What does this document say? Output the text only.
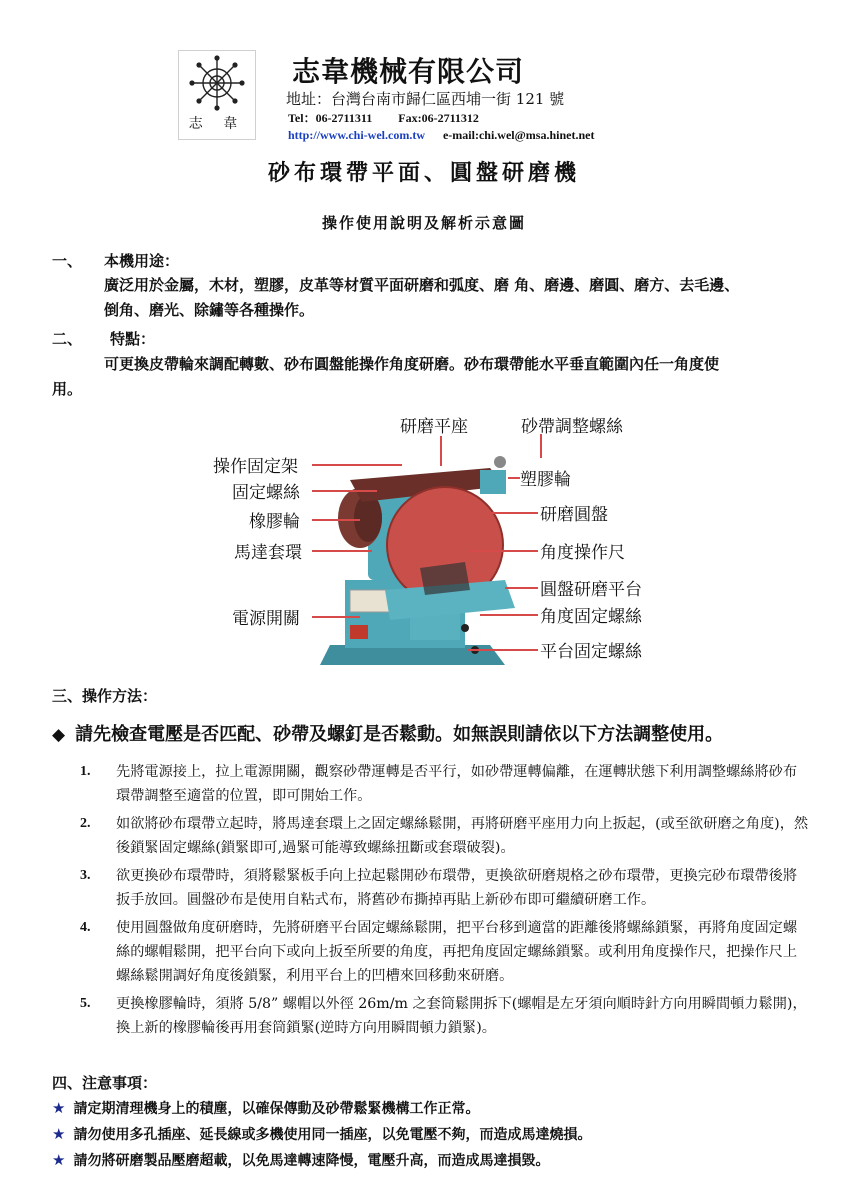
志 韋
志韋機械有限公司
地址：台灣台南市歸仁區西埔一街 121 號
Tel：06-2711311 Fax:06-2711312
http://www.chi-wel.com.tw e-mail:chi.wel@msa.hinet.net
砂布環帶平面、圓盤研磨機
操作使用說明及解析示意圖
一、 本機用途：
廣泛用於金屬，木材，塑膠，皮革等材質平面研磨和弧度、磨 角、磨邊、磨圓、磨方、去毛邊、
倒角、磨光、除鏽等各種操作。
二、 特點：
可更換皮帶輪來調配轉數、砂布圓盤能操作角度研磨。砂布環帶能水平垂直範圍內任一角度使
用。
研磨平座	砂帶調整螺絲
操作固定架
塑膠輪
固定螺絲
研磨圓盤
橡膠輪
馬達套環	角度操作尺
圓盤研磨平台
角度固定螺絲
電源開關
平台固定螺絲
三、操作方法：
◆ 請先檢查電壓是否匹配、砂帶及螺釘是否鬆動。如無誤則請依以下方法調整使用。
1. 先將電源接上，拉上電源開關，觀察砂帶運轉是否平行，如砂帶運轉偏離，在運轉狀態下利用調整螺絲將砂布環帶調整至適當的位置，即可開始工作。
2. 如欲將砂布環帶立起時，將馬達套環上之固定螺絲鬆開，再將研磨平座用力向上扳起，(或至欲研磨之角度)，然後鎖緊固定螺絲(鎖緊即可,過緊可能導致螺絲扭斷或套環破裂)。
3. 欲更換砂布環帶時，須將鬆緊板手向上拉起鬆開砂布環帶，更換欲研磨規格之砂布環帶，更換完砂布環帶後將扳手放回。圓盤砂布是使用自粘式布，將舊砂布撕掉再貼上新砂布即可繼續研磨工作。
4. 使用圓盤做角度研磨時，先將研磨平台固定螺絲鬆開，把平台移到適當的距離後將螺絲鎖緊，再將角度固定螺絲的螺帽鬆開，把平台向下或向上扳至所要的角度，再把角度固定螺絲鎖緊。或利用角度操作尺，把操作尺上螺絲鬆開調好角度後鎖緊，利用平台上的凹槽來回移動來研磨。
5. 更換橡膠輪時，須將 5/8” 螺帽以外徑 26m/m 之套筒鬆開拆下(螺帽是左牙須向順時針方向用瞬間頓力鬆開)，換上新的橡膠輪後再用套筒鎖緊(逆時方向用瞬間頓力鎖緊)。
四、注意事項：
★ 請定期清理機身上的積塵，以確保傳動及砂帶鬆緊機構工作正常。
★ 請勿使用多孔插座、延長線或多機使用同一插座，以免電壓不夠，而造成馬達燒損。
★ 請勿將研磨製品壓磨超載，以免馬達轉速降慢，電壓升高，而造成馬達損毀。
